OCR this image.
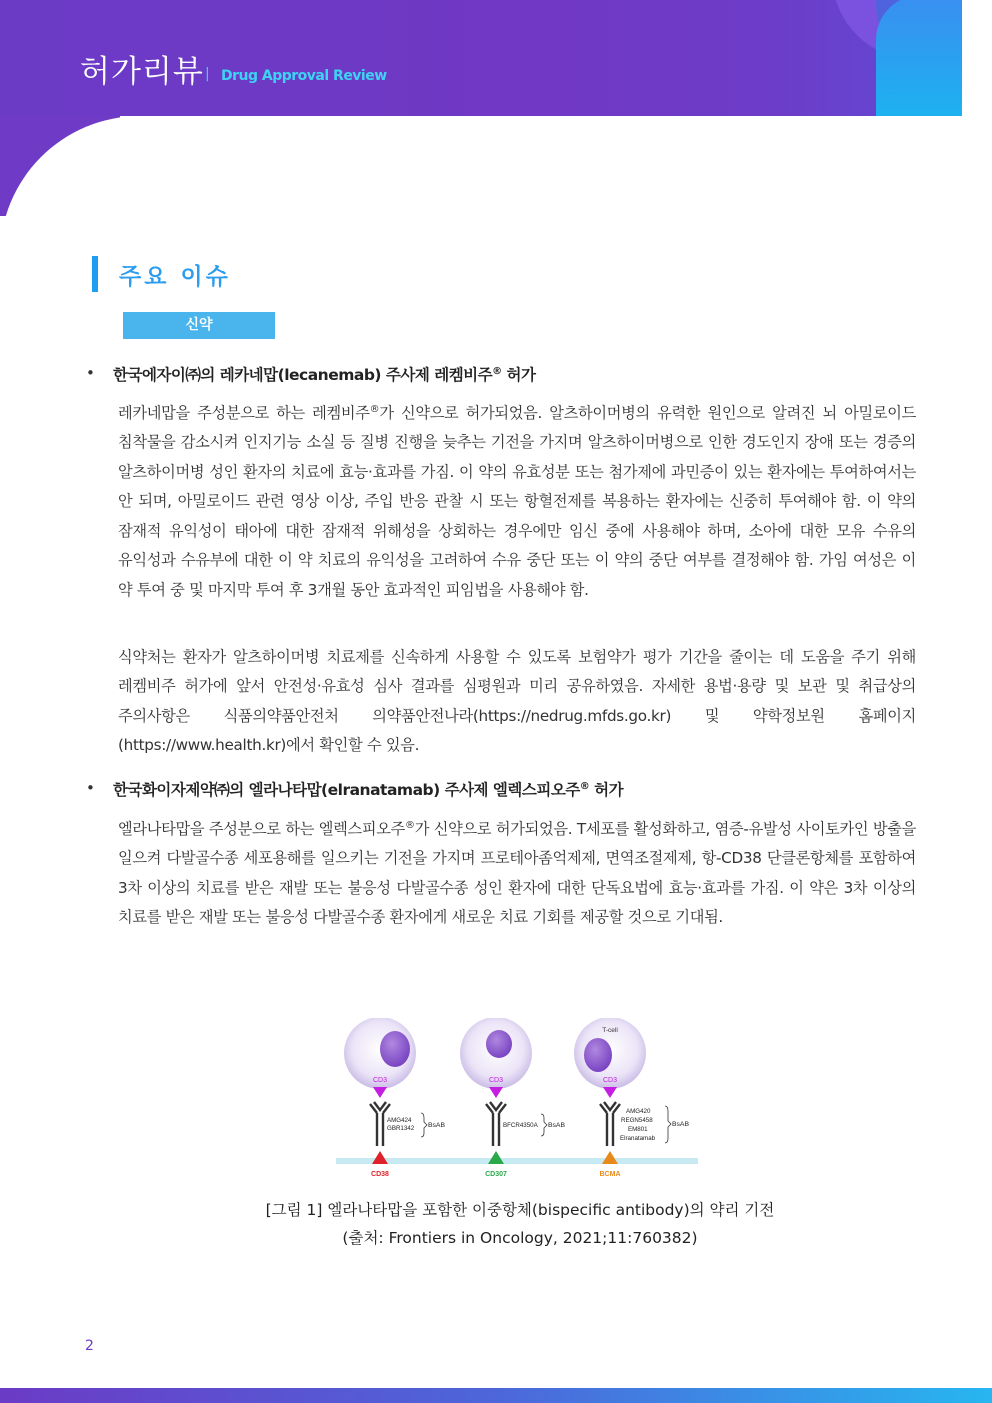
허가리뷰 | Drug Approval Review
주요 이슈
신약
• 한국에자이㈜의 레카네맙(lecanemab) 주사제 레켐비주® 허가
레카네맙을 주성분으로 하는 레켐비주®가 신약으로 허가되었음. 알츠하이머병의 유력한 원인으로 알려진 뇌 아밀로이드 침착물을 감소시켜 인지기능 소실 등 질병 진행을 늦추는 기전을 가지며 알츠하이머병으로 인한 경도인지 장애 또는 경증의 알츠하이머병 성인 환자의 치료에 효능·효과를 가짐. 이 약의 유효성분 또는 첨가제에 과민증이 있는 환자에는 투여하여서는 안 되며, 아밀로이드 관련 영상 이상, 주입 반응 관찰 시 또는 항혈전제를 복용하는 환자에는 신중히 투여해야 함. 이 약의 잠재적 유익성이 태아에 대한 잠재적 위해성을 상회하는 경우에만 임신 중에 사용해야 하며, 소아에 대한 모유 수유의 유익성과 수유부에 대한 이 약 치료의 유익성을 고려하여 수유 중단 또는 이 약의 중단 여부를 결정해야 함. 가임 여성은 이 약 투여 중 및 마지막 투여 후 3개월 동안 효과적인 피임법을 사용해야 함.
식약처는 환자가 알츠하이머병 치료제를 신속하게 사용할 수 있도록 보험약가 평가 기간을 줄이는 데 도움을 주기 위해 레켐비주 허가에 앞서 안전성·유효성 심사 결과를 심평원과 미리 공유하였음. 자세한 용법·용량 및 보관 및 취급상의 주의사항은 식품의약품안전처 의약품안전나라(https://nedrug.mfds.go.kr) 및 약학정보원 홈페이지(https://www.health.kr)에서 확인할 수 있음.
• 한국화이자제약㈜의 엘라나타맙(elranatamab) 주사제 엘렉스피오주® 허가
엘라나타맙을 주성분으로 하는 엘렉스피오주®가 신약으로 허가되었음. T세포를 활성화하고, 염증-유발성 사이토카인 방출을 일으켜 다발골수종 세포용해를 일으키는 기전을 가지며 프로테아좀억제제, 면역조절제제, 항-CD38 단클론항체를 포함하여 3차 이상의 치료를 받은 재발 또는 불응성 다발골수종 성인 환자에 대한 단독요법에 효능·효과를 가짐. 이 약은 3차 이상의 치료를 받은 재발 또는 불응성 다발골수종 환자에게 새로운 치료 기회를 제공할 것으로 기대됨.
CD3
AMG424
GBR1342 BsAB
CD38
CD3
BFCR4350A BsAB
CD307
T-cell
CD3
AMG420
REGN5458
EM801
Elranatamab
BsAB
BCMA
[그림 1] 엘라나타맙을 포함한 이중항체(bispecific antibody)의 약리 기전
(출처: Frontiers in Oncology, 2021;11:760382)
2
